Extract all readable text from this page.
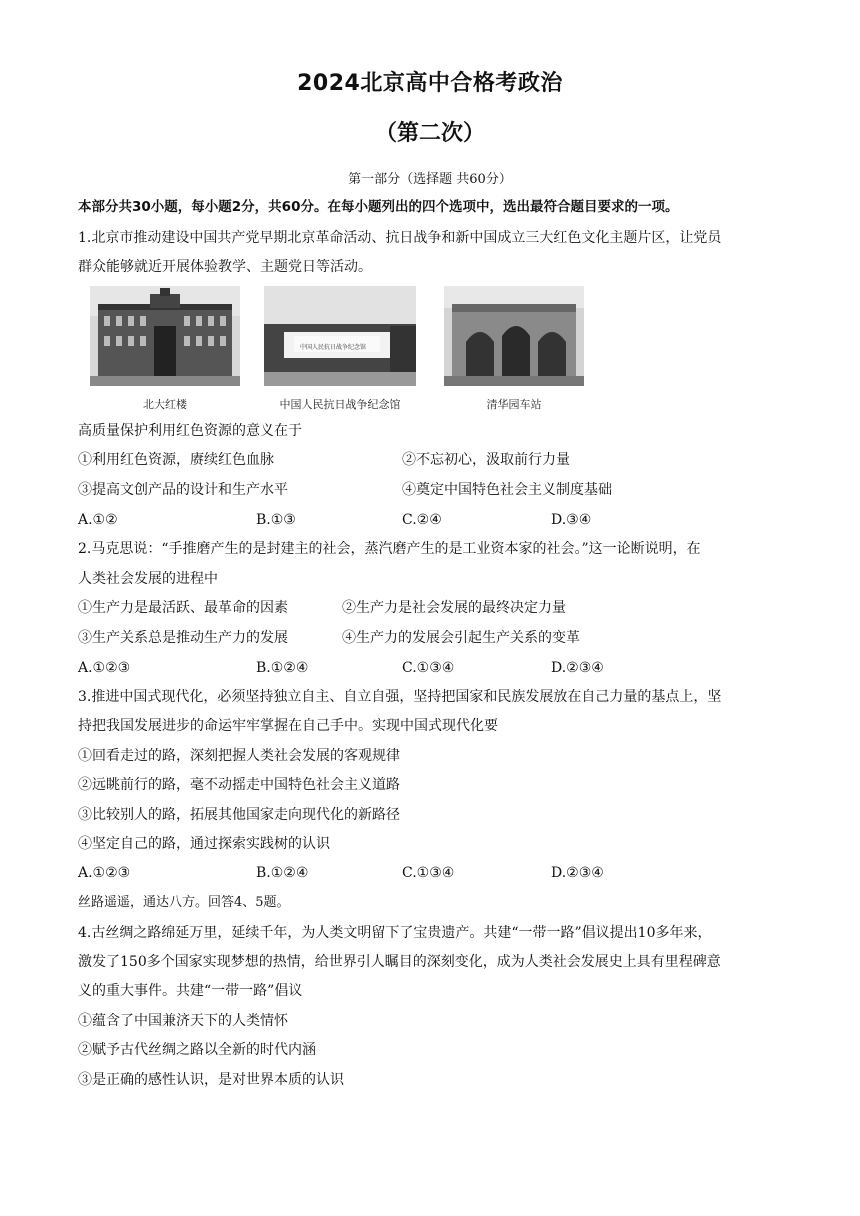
2024北京高中合格考政治
（第二次）
第一部分（选择题 共60分）
本部分共30小题，每小题2分，共60分。在每小题列出的四个选项中，选出最符合题目要求的一项。
1.北京市推动建设中国共产党早期北京革命活动、抗日战争和新中国成立三大红色文化主题片区，让党员
群众能够就近开展体验教学、主题党日等活动。
中国人民抗日战争纪念馆
北大红楼	中国人民抗日战争纪念馆	清华园车站
高质量保护利用红色资源的意义在于
①利用红色资源，赓续红色血脉	②不忘初心，汲取前行力量
③提高文创产品的设计和生产水平	④奠定中国特色社会主义制度基础
A.①②	B.①③	C.②④	D.③④
2.马克思说：“手推磨产生的是封建主的社会，蒸汽磨产生的是工业资本家的社会。”这一论断说明，在
人类社会发展的进程中
①生产力是最活跃、最革命的因素	②生产力是社会发展的最终决定力量
③生产关系总是推动生产力的发展	④生产力的发展会引起生产关系的变革
A.①②③	B.①②④	C.①③④	D.②③④
3.推进中国式现代化，必须坚持独立自主、自立自强，坚持把国家和民族发展放在自己力量的基点上，坚
持把我国发展进步的命运牢牢掌握在自己手中。实现中国式现代化要
①回看走过的路，深刻把握人类社会发展的客观规律
②远眺前行的路，毫不动摇走中国特色社会主义道路
③比较别人的路，拓展其他国家走向现代化的新路径
④坚定自己的路，通过探索实践树的认识
A.①②③	B.①②④	C.①③④	D.②③④
丝路遥遥，通达八方。回答4、5题。
4.古丝绸之路绵延万里，延续千年，为人类文明留下了宝贵遗产。共建“一带一路”倡议提出10多年来，
激发了150多个国家实现梦想的热情，给世界引人瞩目的深刻变化，成为人类社会发展史上具有里程碑意
义的重大事件。共建“一带一路”倡议
①蕴含了中国兼济天下的人类情怀
②赋予古代丝绸之路以全新的时代内涵
③是正确的感性认识，是对世界本质的认识
